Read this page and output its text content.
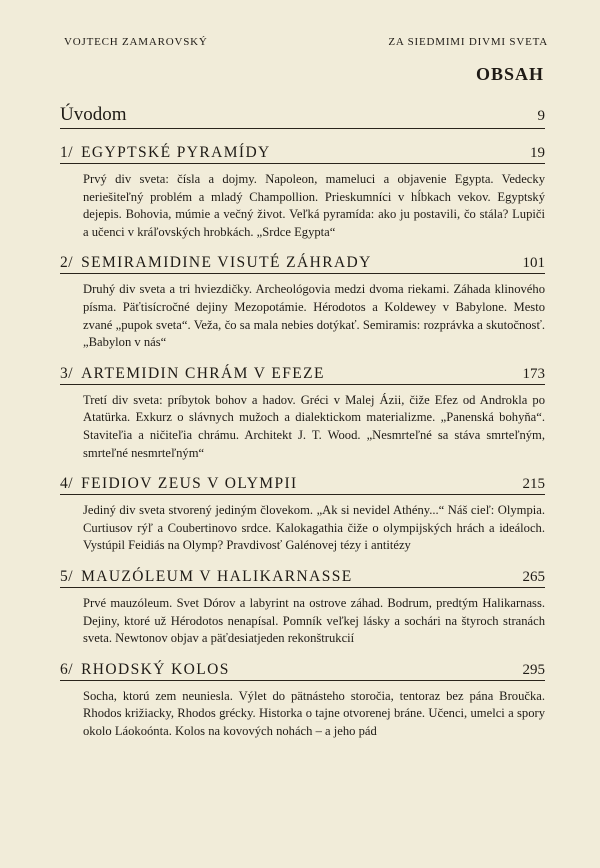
VOJTECH ZAMAROVSKÝ	ZA SIEDMIMI DIVMI SVETA
OBSAH
Úvodom	9
1/ EGYPTSKÉ PYRAMÍDY	19
Prvý div sveta: čísla a dojmy. Napoleon, mameluci a objavenie Egypta. Vedecky neriešiteľný problém a mladý Champollion. Prieskumníci v hĺbkach vekov. Egyptský dejepis. Bohovia, múmie a večný život. Veľká pyramída: ako ju postavili, čo stála? Lupiči a učenci v kráľovských hrobkách. „Srdce Egypta“
2/ SEMIRAMIDINE VISUTÉ ZÁHRADY	101
Druhý div sveta a tri hviezdičky. Archeológovia medzi dvoma riekami. Záhada klinového písma. Päťtisícročné dejiny Mezopotámie. Hérodotos a Koldewey v Babylone. Mesto zvané „pupok sveta“. Veža, čo sa mala nebies dotýkať. Semiramis: rozprávka a skutočnosť. „Babylon v nás“
3/ ARTEMIDIN CHRÁM V EFEZE	173
Tretí div sveta: príbytok bohov a hadov. Gréci v Malej Ázii, čiže Efez od Androkla po Atatürka. Exkurz o slávnych mužoch a dialektickom materializme. „Panenská bohyňa“. Staviteľia a ničiteľia chrámu. Architekt J. T. Wood. „Nesmrteľné sa stáva smrteľným, smrteľné nesmrteľným“
4/ FEIDIOV ZEUS V OLYMPII	215
Jediný div sveta stvorený jediným človekom. „Ak si nevidel Athény...“ Náš cieľ: Olympia. Curtiusov rýľ a Coubertinovo srdce. Kalokagathia čiže o olympijských hrách a ideáloch. Vystúpil Feidiás na Olymp? Pravdivosť Galénovej tézy i antitézy
5/ MAUZÓLEUM V HALIKARNASSE	265
Prvé mauzóleum. Svet Dórov a labyrint na ostrove záhad. Bodrum, predtým Halikarnass. Dejiny, ktoré už Hérodotos nenapísal. Pomník veľkej lásky a sochári na štyroch stranách sveta. Newtonov objav a päťdesiatjeden rekonštrukcií
6/ RHODSKÝ KOLOS	295
Socha, ktorú zem neuniesla. Výlet do pätnásteho storočia, tentoraz bez pána Broučka. Rhodos križiacky, Rhodos grécky. Historka o tajne otvorenej bráne. Učenci, umelci a spory okolo Láokoónta. Kolos na kovových nohách – a jeho pád
